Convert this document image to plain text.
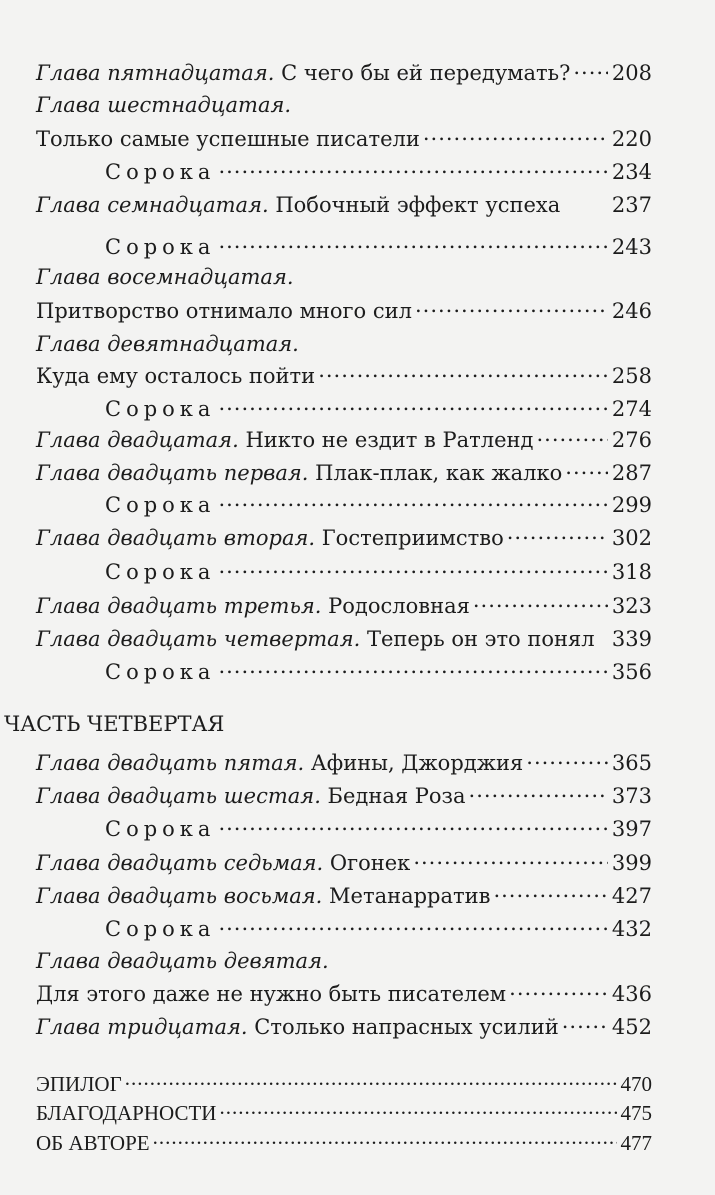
Глава пятнадцатая. С чего бы ей передумать? ..... 208
Глава шестнадцатая.
Только самые успешные писатели .....	220
Сорока .....	234
Глава семнадцатая. Побочный эффект успеха 237
Сорока .....	243
Глава восемнадцатая.
Притворство отнимало много сил .....	246
Глава девятнадцатая.
Куда ему осталось пойти .....	258
Сорока .....	274
Глава двадцатая. Никто не ездит в Ратленд .....	276
Глава двадцать первая. Плак-плак, как жалко ..... 287
Сорока .....	299
Глава двадцать вторая. Гостеприимство .....	302
Сорока .....	318
Глава двадцать третья. Родословная .....	323
Глава двадцать четвертая. Теперь он это понял 339
Сорока .....	356
ЧАСТЬ ЧЕТВЕРТАЯ
Глава двадцать пятая. Афины, Джорджия .....	365
Глава двадцать шестая. Бедная Роза .....	373
Сорока .....	397
Глава двадцать седьмая. Огонек .....	399
Глава двадцать восьмая. Метанарратив .....	427
Сорока .....	432
Глава двадцать девятая.
Для этого даже не нужно быть писателем .....	436
Глава тридцатая. Столько напрасных усилий .....	452
ЭПИЛОГ .....	470
БЛАГОДАРНОСТИ .....	475
ОБ АВТОРЕ .....	477
